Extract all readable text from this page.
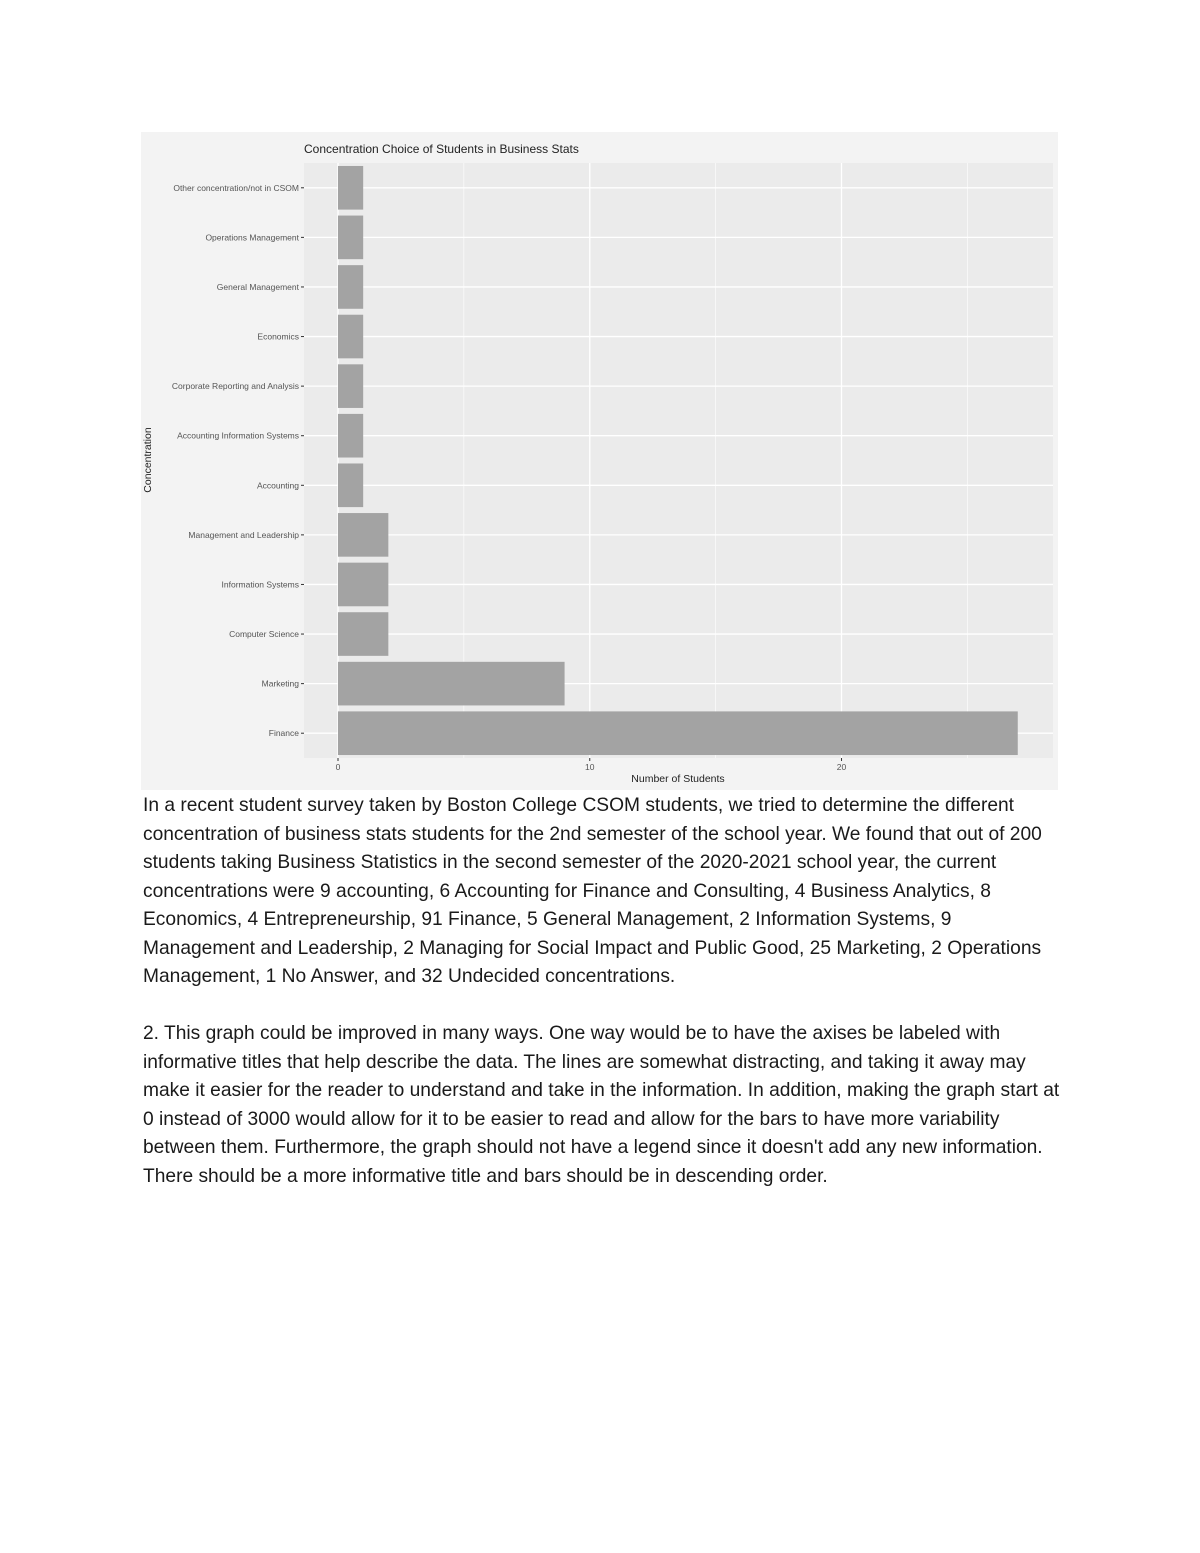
Other concentration/not in CSOM
Operations Management
General Management
Economics
Corporate Reporting and Analysis
Accounting Information Systems
Accounting
Management and Leadership
Information Systems
Computer Science
Marketing
Finance
0	10	20
Concentration Choice of Students in Business Stats
Number of Students
Concentration

In a recent student survey taken by Boston College CSOM students, we tried to determine the different concentration of business stats students for the 2nd semester of the school year. We found that out of 200 students taking Business Statistics in the second semester of the 2020-2021 school year, the current concentrations were 9 accounting, 6 Accounting for Finance and Consulting, 4 Business Analytics, 8 Economics, 4 Entrepreneurship, 91 Finance, 5 General Management, 2 Information Systems, 9 Management and Leadership, 2 Managing for Social Impact and Public Good, 25 Marketing, 2 Operations Management, 1 No Answer, and 32 Undecided concentrations.

2. This graph could be improved in many ways. One way would be to have the axises be labeled with informative titles that help describe the data. The lines are somewhat distracting, and taking it away may make it easier for the reader to understand and take in the information. In addition, making the graph start at 0 instead of 3000 would allow for it to be easier to read and allow for the bars to have more variability between them. Furthermore, the graph should not have a legend since it doesn't add any new information. There should be a more informative title and bars should be in descending order.
